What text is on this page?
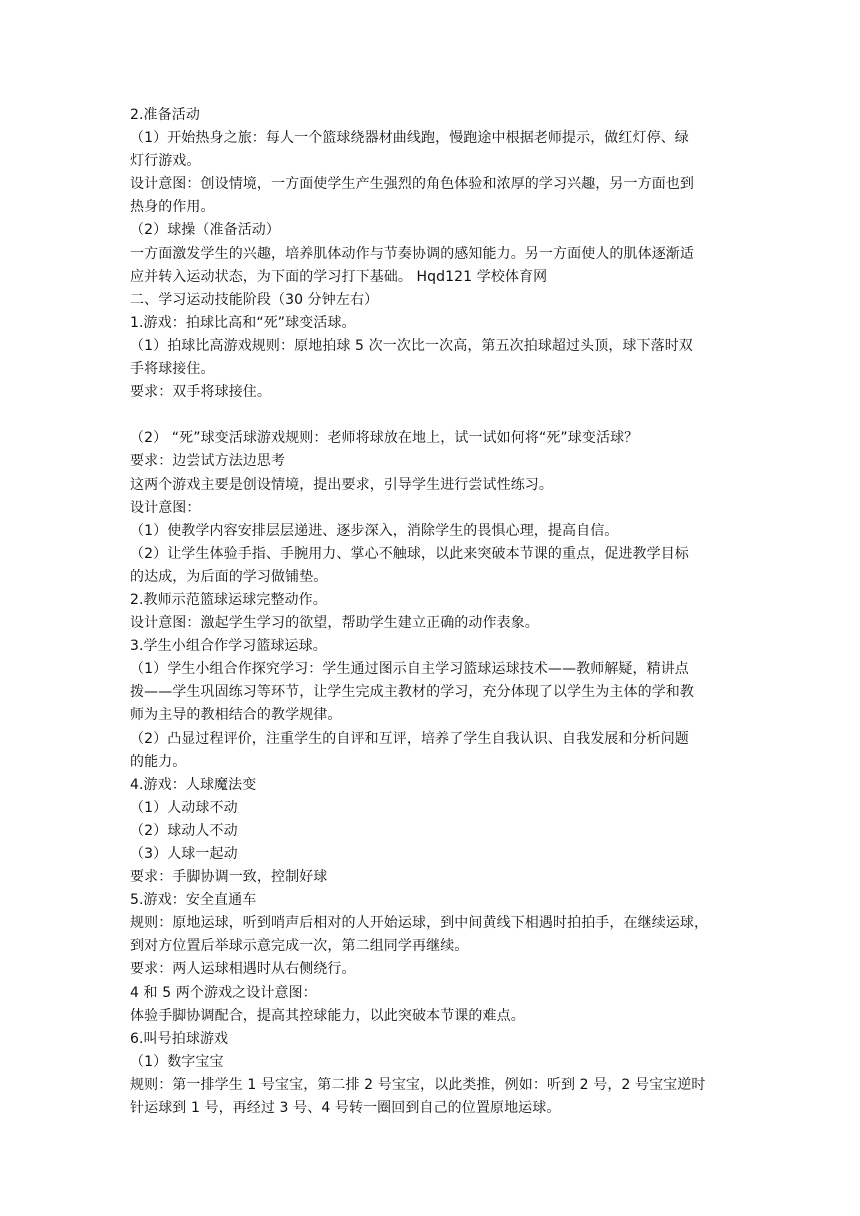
2.准备活动
（1）开始热身之旅：每人一个篮球绕器材曲线跑，慢跑途中根据老师提示，做红灯停、绿
灯行游戏。
设计意图：创设情境，一方面使学生产生强烈的角色体验和浓厚的学习兴趣，另一方面也到
热身的作用。
（2）球操（准备活动）
一方面激发学生的兴趣，培养肌体动作与节奏协调的感知能力。另一方面使人的肌体逐渐适
应并转入运动状态，为下面的学习打下基础。 Hqd121 学校体育网
二、学习运动技能阶段（30 分钟左右）
1.游戏：拍球比高和“死”球变活球。
（1）拍球比高游戏规则：原地拍球 5 次一次比一次高，第五次拍球超过头顶，球下落时双
手将球接住。
要求：双手将球接住。
（2） “死”球变活球游戏规则：老师将球放在地上，试一试如何将“死”球变活球？
要求：边尝试方法边思考
这两个游戏主要是创设情境，提出要求，引导学生进行尝试性练习。
设计意图：
（1）使教学内容安排层层递进、逐步深入，消除学生的畏惧心理，提高自信。
（2）让学生体验手指、手腕用力、掌心不触球，以此来突破本节课的重点，促进教学目标
的达成，为后面的学习做铺垫。
2.教师示范篮球运球完整动作。
设计意图：激起学生学习的欲望，帮助学生建立正确的动作表象。
3.学生小组合作学习篮球运球。
（1）学生小组合作探究学习：学生通过图示自主学习篮球运球技术——教师解疑，精讲点
拨——学生巩固练习等环节，让学生完成主教材的学习，充分体现了以学生为主体的学和教
师为主导的教相结合的教学规律。
（2）凸显过程评价，注重学生的自评和互评，培养了学生自我认识、自我发展和分析问题
的能力。
4.游戏：人球魔法变
（1）人动球不动
（2）球动人不动
（3）人球一起动
要求：手脚协调一致，控制好球
5.游戏：安全直通车
规则：原地运球，听到哨声后相对的人开始运球，到中间黄线下相遇时拍拍手，在继续运球，
到对方位置后举球示意完成一次，第二组同学再继续。
要求：两人运球相遇时从右侧绕行。
4 和 5 两个游戏之设计意图：
体验手脚协调配合，提高其控球能力，以此突破本节课的难点。
6.叫号拍球游戏
（1）数字宝宝
规则：第一排学生 1 号宝宝，第二排 2 号宝宝，以此类推，例如：听到 2 号，2 号宝宝逆时
针运球到 1 号，再经过 3 号、4 号转一圈回到自己的位置原地运球。
